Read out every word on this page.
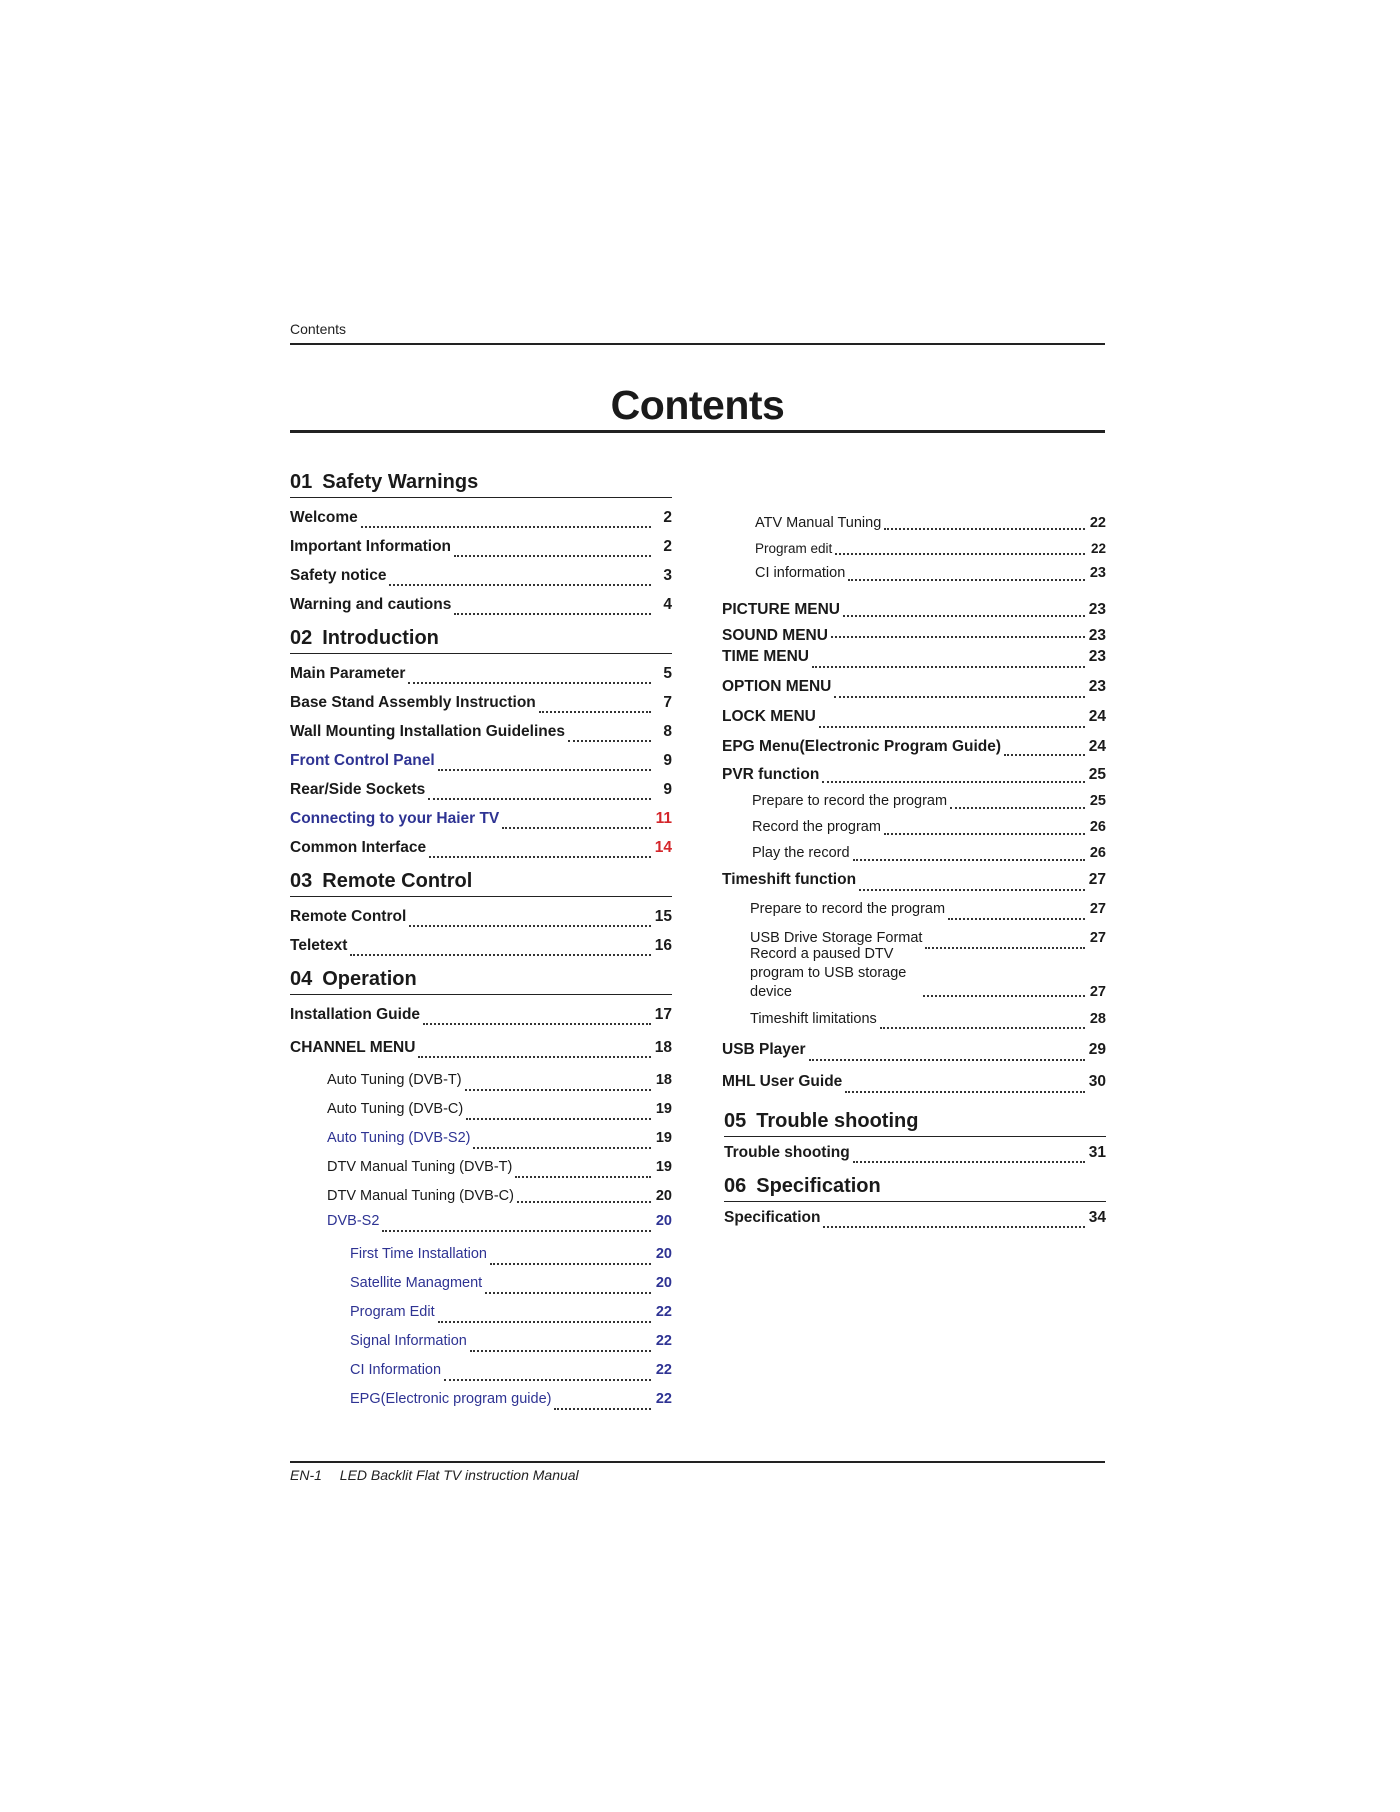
Contents
Contents
01 Safety Warnings
Welcome	2
Important Information	2
Safety notice	3
Warning and cautions	4
02 Introduction
Main Parameter	5
Base Stand Assembly Instruction	7
Wall Mounting Installation Guidelines	8
Front Control Panel	9
Rear/Side Sockets	9
Connecting to your Haier TV	11
Common Interface	14
03 Remote Control
Remote Control	15
Teletext	16
04 Operation
Installation Guide	17
CHANNEL MENU	18
Auto Tuning (DVB-T)	18
Auto Tuning (DVB-C)	19
Auto Tuning (DVB-S2)	19
DTV Manual Tuning (DVB-T)	19
DTV Manual Tuning (DVB-C)	20
DVB-S2	20
First Time Installation	20
Satellite Managment	20
Program Edit	22
Signal Information	22
CI Information	22
EPG(Electronic program guide)	22
ATV Manual Tuning	22
Program edit	22
CI information	23
PICTURE MENU	23
SOUND MENU	23
TIME MENU	23
OPTION MENU	23
LOCK MENU	24
EPG Menu(Electronic Program Guide)	24
PVR function	25
Prepare to record the program	25
Record the program	26
Play the record	26
Timeshift function	27
Prepare to record the program	27
USB Drive Storage Format	27
Record a paused DTV program to USB storage device	27
Timeshift limitations	28
USB Player	29
MHL User Guide	30
05 Trouble shooting
Trouble shooting	31
06 Specification
Specification	34
EN-1 LED Backlit Flat TV instruction Manual
